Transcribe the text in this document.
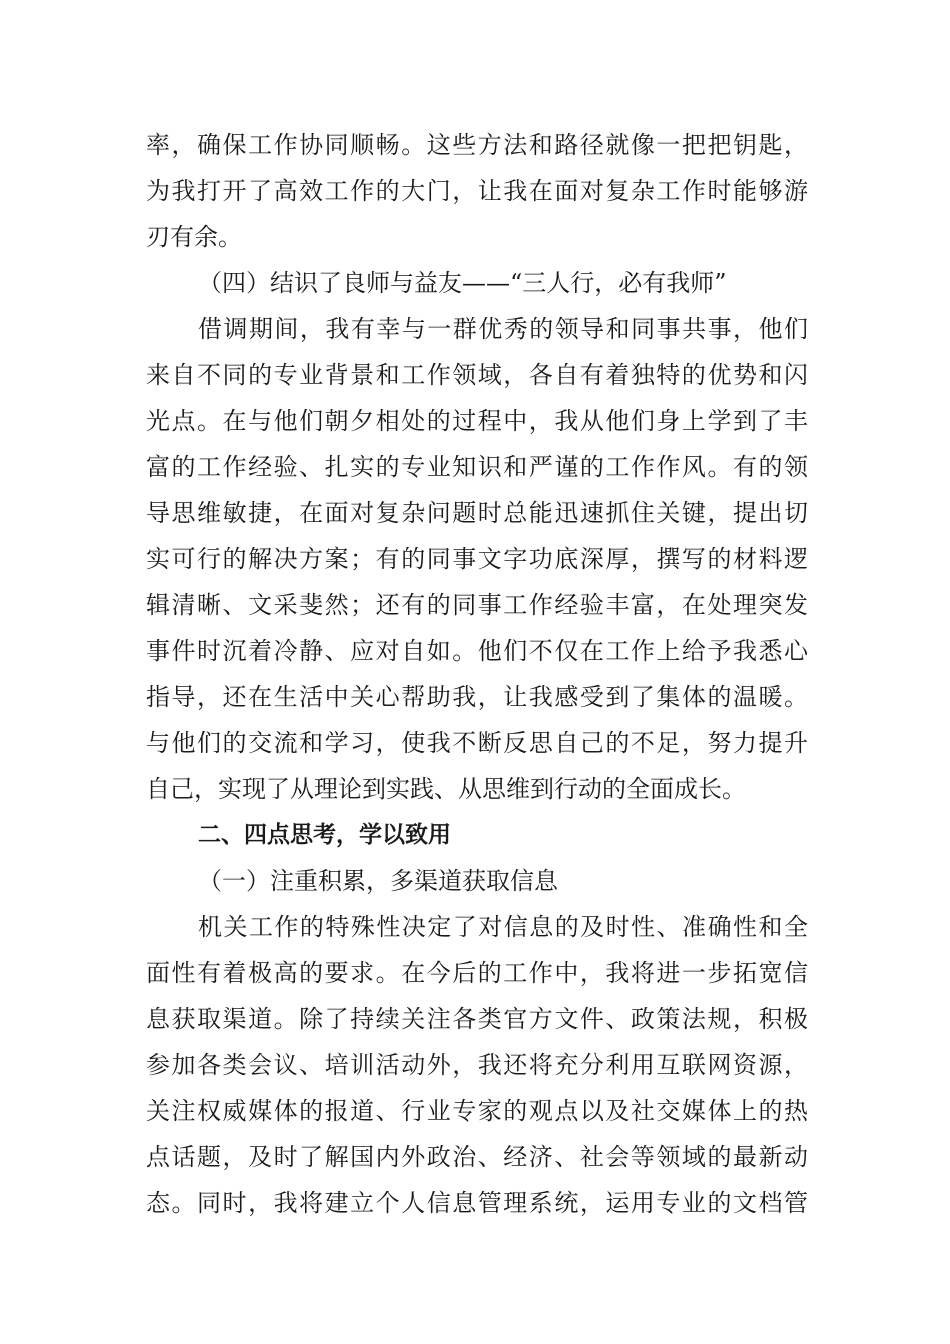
率，确保工作协同顺畅。这些方法和路径就像一把把钥匙，
为我打开了高效工作的大门，让我在面对复杂工作时能够游
刃有余。
（四）结识了良师与益友——“三人行，必有我师”
借调期间，我有幸与一群优秀的领导和同事共事，他们
来自不同的专业背景和工作领域，各自有着独特的优势和闪
光点。在与他们朝夕相处的过程中，我从他们身上学到了丰
富的工作经验、扎实的专业知识和严谨的工作作风。有的领
导思维敏捷，在面对复杂问题时总能迅速抓住关键，提出切
实可行的解决方案；有的同事文字功底深厚，撰写的材料逻
辑清晰、文采斐然；还有的同事工作经验丰富，在处理突发
事件时沉着冷静、应对自如。他们不仅在工作上给予我悉心
指导，还在生活中关心帮助我，让我感受到了集体的温暖。
与他们的交流和学习，使我不断反思自己的不足，努力提升
自己，实现了从理论到实践、从思维到行动的全面成长。
二、四点思考，学以致用
（一）注重积累，多渠道获取信息
机关工作的特殊性决定了对信息的及时性、准确性和全
面性有着极高的要求。在今后的工作中，我将进一步拓宽信
息获取渠道。除了持续关注各类官方文件、政策法规，积极
参加各类会议、培训活动外，我还将充分利用互联网资源，
关注权威媒体的报道、行业专家的观点以及社交媒体上的热
点话题，及时了解国内外政治、经济、社会等领域的最新动
态。同时，我将建立个人信息管理系统，运用专业的文档管
